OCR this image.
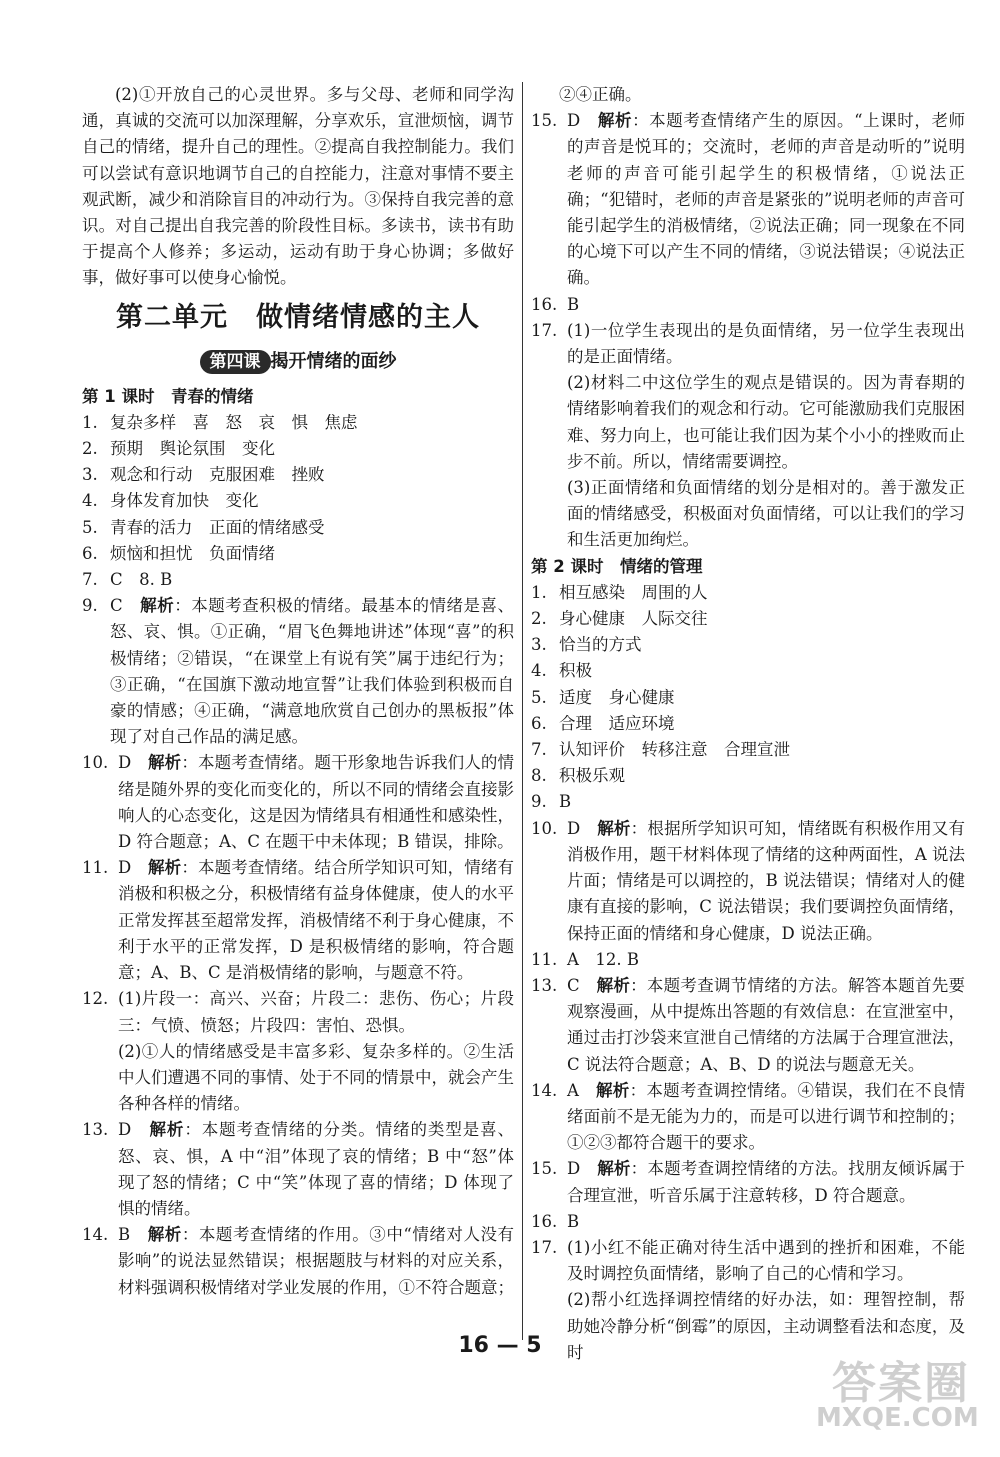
(2)①开放自己的心灵世界。多与父母、老师和同学沟通，真诚的交流可以加深理解，分享欢乐，宣泄烦恼，调节自己的情绪，提升自己的理性。②提高自我控制能力。我们可以尝试有意识地调节自己的自控能力，注意对事情不要主观武断，减少和消除盲目的冲动行为。③保持自我完善的意识。对自己提出自我完善的阶段性目标。多读书，读书有助于提高个人修养；多运动，运动有助于身心协调；多做好事，做好事可以使身心愉悦。

第二单元　做情绪情感的主人
第四课 揭开情绪的面纱

第 1 课时　青春的情绪

1. 复杂多样　喜　怒　哀　惧　焦虑
2. 预期　舆论氛围　变化
3. 观念和行动　克服困难　挫败
4. 身体发育加快　变化
5. 青春的活力　正面的情绪感受
6. 烦恼和担忧　负面情绪
7. C　8. B
9. C　 解析：本题考查积极的情绪。最基本的情绪是喜、怒、哀、惧。①正确，“眉飞色舞地讲述”体现“喜”的积极情绪；②错误，“在课堂上有说有笑”属于违纪行为；③正确，“在国旗下激动地宣誓”让我们体验到积极而自豪的情感；④正确，“满意地欣赏自己创办的黑板报”体现了对自己作品的满足感。
10. D　 解析：本题考查情绪。题干形象地告诉我们人的情绪是随外界的变化而变化的，所以不同的情绪会直接影响人的心态变化，这是因为情绪具有相通性和感染性，D 符合题意；A、C 在题干中未体现；B 错误，排除。
11. D　 解析：本题考查情绪。结合所学知识可知，情绪有消极和积极之分，积极情绪有益身体健康，使人的水平正常发挥甚至超常发挥，消极情绪不利于身心健康，不利于水平的正常发挥，D 是积极情绪的影响，符合题意；A、B、C 是消极情绪的影响，与题意不符。
12. (1)片段一：高兴、兴奋；片段二：悲伤、伤心；片段三：气愤、愤怒；片段四：害怕、恐惧。

(2)①人的情绪感受是丰富多彩、复杂多样的。②生活中人们遭遇不同的事情、处于不同的情景中，就会产生各种各样的情绪。

13. D　 解析：本题考查情绪的分类。情绪的类型是喜、怒、哀、惧，A 中“泪”体现了哀的情绪；B 中“怒”体现了怒的情绪；C 中“笑”体现了喜的情绪；D 体现了惧的情绪。
14. B　 解析：本题考查情绪的作用。③中“情绪对人没有影响”的说法显然错误；根据题肢与材料的对应关系，材料强调积极情绪对学业发展的作用，①不符合题意；

②④正确。

15. D　 解析：本题考查情绪产生的原因。“上课时，老师的声音是悦耳的；交流时，老师的声音是动听的”说明老师的声音可能引起学生的积极情绪，①说法正确；“犯错时，老师的声音是紧张的”说明老师的声音可能引起学生的消极情绪，②说法正确；同一现象在不同的心境下可以产生不同的情绪，③说法错误；④说法正确。
16. B
17. (1)一位学生表现出的是负面情绪，另一位学生表现出的是正面情绪。

(2)材料二中这位学生的观点是错误的。因为青春期的情绪影响着我们的观念和行动。它可能激励我们克服困难、努力向上，也可能让我们因为某个小小的挫败而止步不前。所以，情绪需要调控。

(3)正面情绪和负面情绪的划分是相对的。善于激发正面的情绪感受，积极面对负面情绪，可以让我们的学习和生活更加绚烂。

第 2 课时　情绪的管理

1. 相互感染　周围的人
2. 身心健康　人际交往
3. 恰当的方式
4. 积极
5. 适度　身心健康
6. 合理　适应环境
7. 认知评价　转移注意　合理宣泄
8. 积极乐观
9. B
10. D　 解析：根据所学知识可知，情绪既有积极作用又有消极作用，题干材料体现了情绪的这种两面性，A 说法片面；情绪是可以调控的，B 说法错误；情绪对人的健康有直接的影响，C 说法错误；我们要调控负面情绪，保持正面的情绪和身心健康，D 说法正确。
11. A　12. B
13. C　 解析：本题考查调节情绪的方法。解答本题首先要观察漫画，从中提炼出答题的有效信息：在宣泄室中，通过击打沙袋来宣泄自己情绪的方法属于合理宣泄法，C 说法符合题意；A、B、D 的说法与题意无关。
14. A　 解析：本题考查调控情绪。④错误，我们在不良情绪面前不是无能为力的，而是可以进行调节和控制的；①②③都符合题干的要求。
15. D　 解析：本题考查调控情绪的方法。找朋友倾诉属于合理宣泄，听音乐属于注意转移，D 符合题意。
16. B
17. (1)小红不能正确对待生活中遇到的挫折和困难，不能及时调控负面情绪，影响了自己的心情和学习。

(2)帮小红选择调控情绪的好办法，如：理智控制，帮助她冷静分析“倒霉”的原因，主动调整看法和态度，及时

16 — 5
答案圈
MXQE.COM
